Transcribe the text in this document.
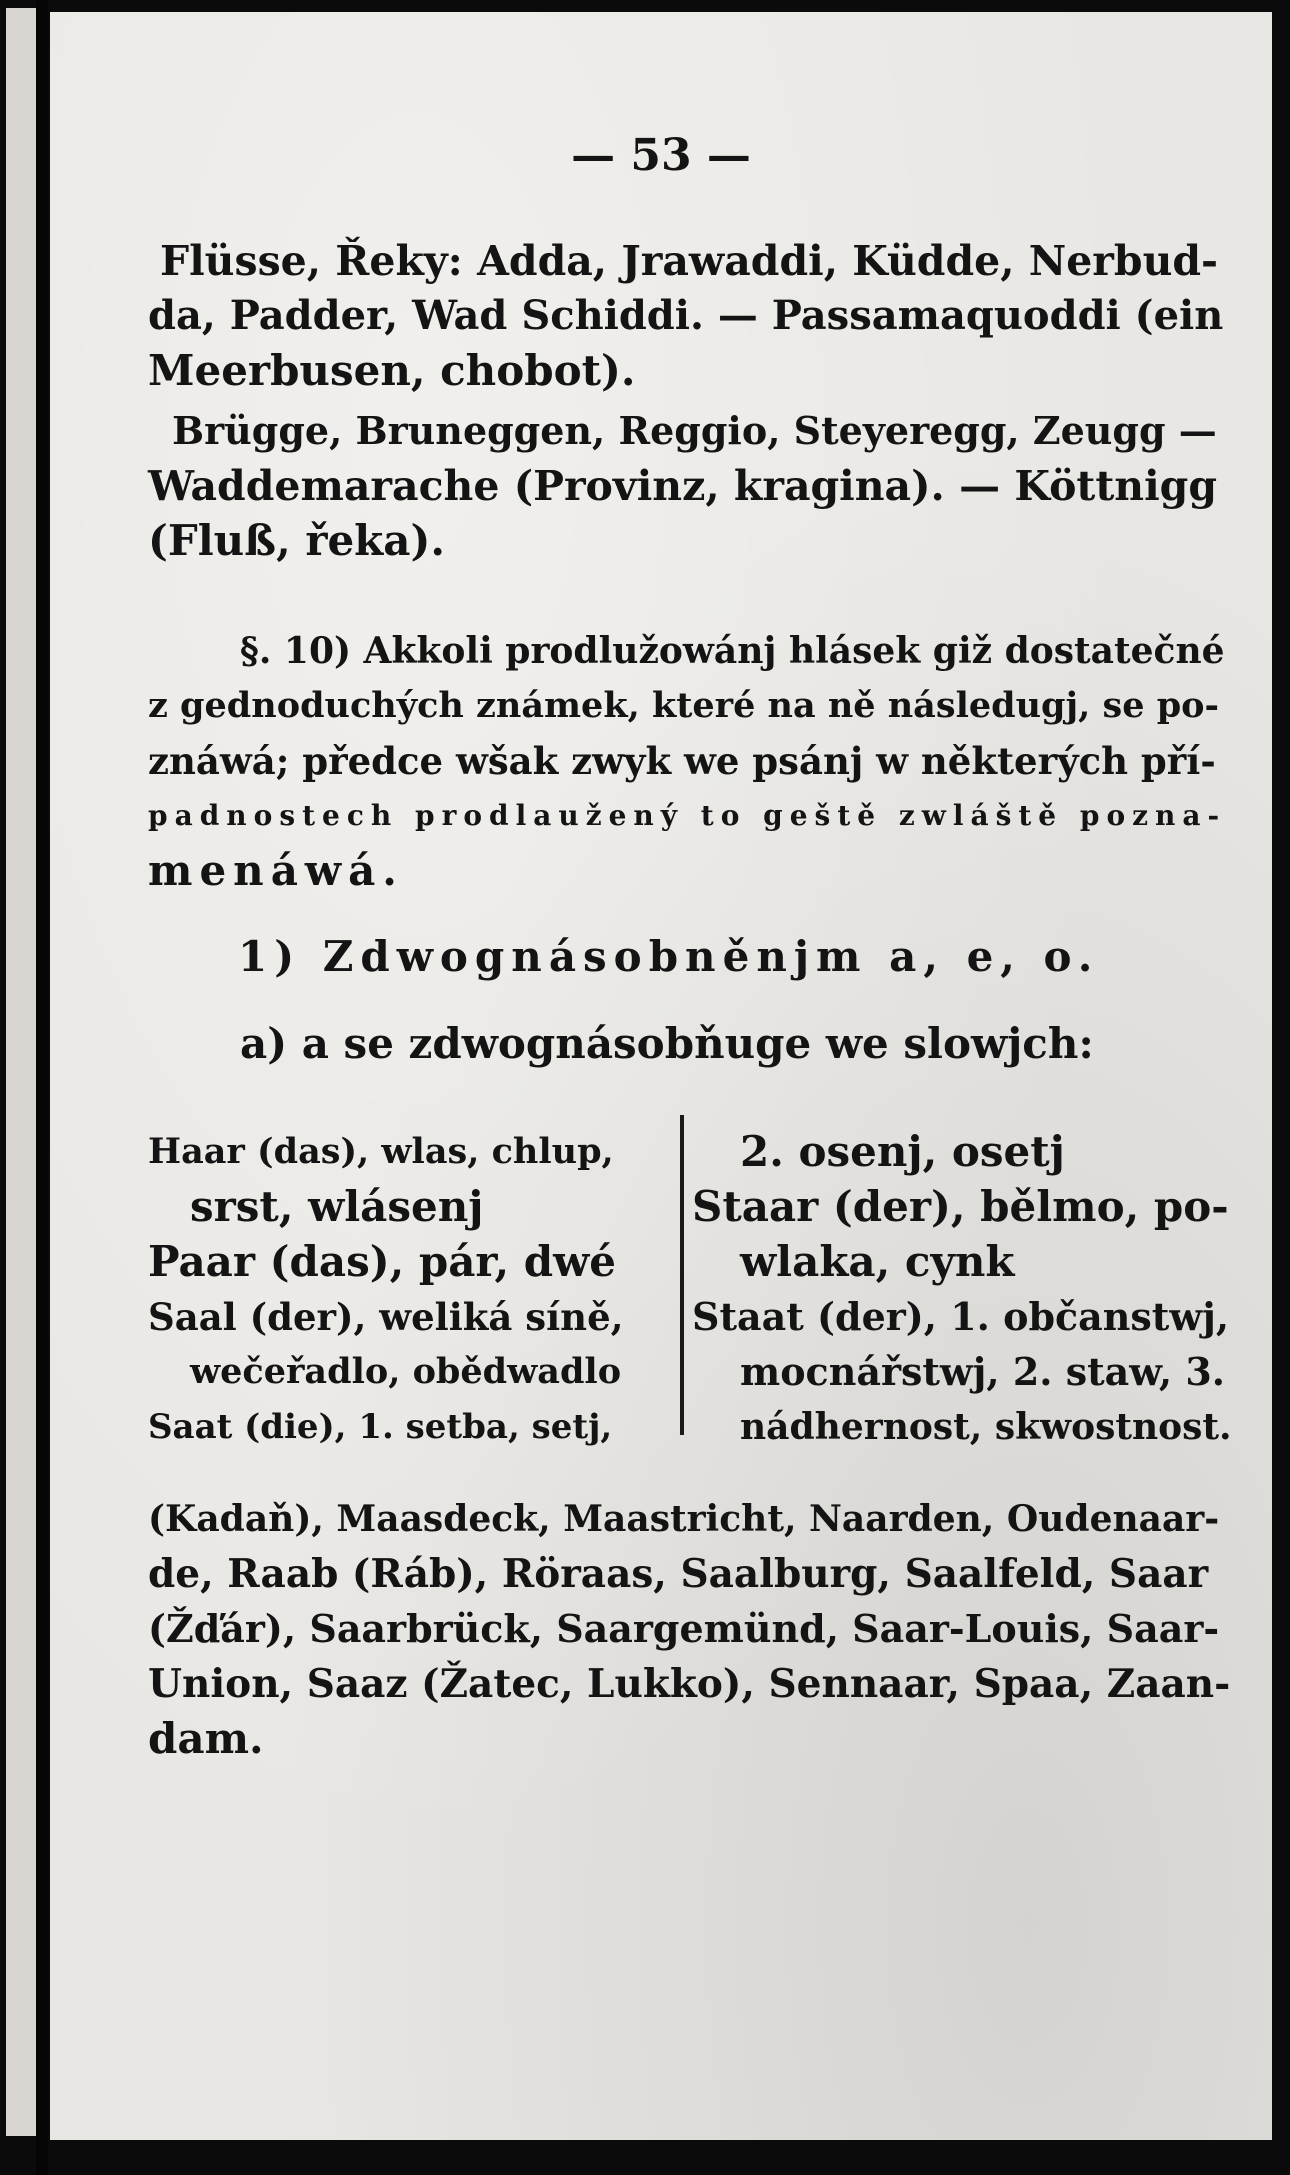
— 53 —

Flüsse, Řeky: Adda, Jrawaddi, Küdde, Nerbud-

da, Padder, Wad Schiddi. — Passamaquoddi (ein

Meerbusen, chobot).

Brügge, Bruneggen, Reggio, Steyeregg, Zeugg —

Waddemarache (Provinz, kragina). — Köttnigg

(Fluß, řeka).

§. 10) Akkoli prodlužowánj hlásek giž dostatečné

z gednoduchých známek, které na ně následugj, se po-

znáwá; předce wšak zwyk we psánj w některých pří-

padnostech prodlaužený to geště zwláště pozna-

menáwá.

1) Zdwognásobněnjm a, e, o.

a) a se zdwognásobňuge we slowjch:

Haar (das), wlas, chlup,

srst, wlásenj

Paar (das), pár, dwé

Saal (der), weliká síně,

wečeřadlo, obědwadlo

Saat (die), 1. setba, setj,

2. osenj, osetj

Staar (der), bělmo, po-

wlaka, cynk

Staat (der), 1. občanstwj,

mocnářstwj, 2. staw, 3.

nádhernost, skwostnost.

(Kadaň), Maasdeck, Maastricht, Naarden, Oudenaar-

de, Raab (Ráb), Röraas, Saalburg, Saalfeld, Saar

(Žďár), Saarbrück, Saargemünd, Saar-Louis, Saar-

Union, Saaz (Žatec, Lukko), Sennaar, Spaa, Zaan-

dam.
